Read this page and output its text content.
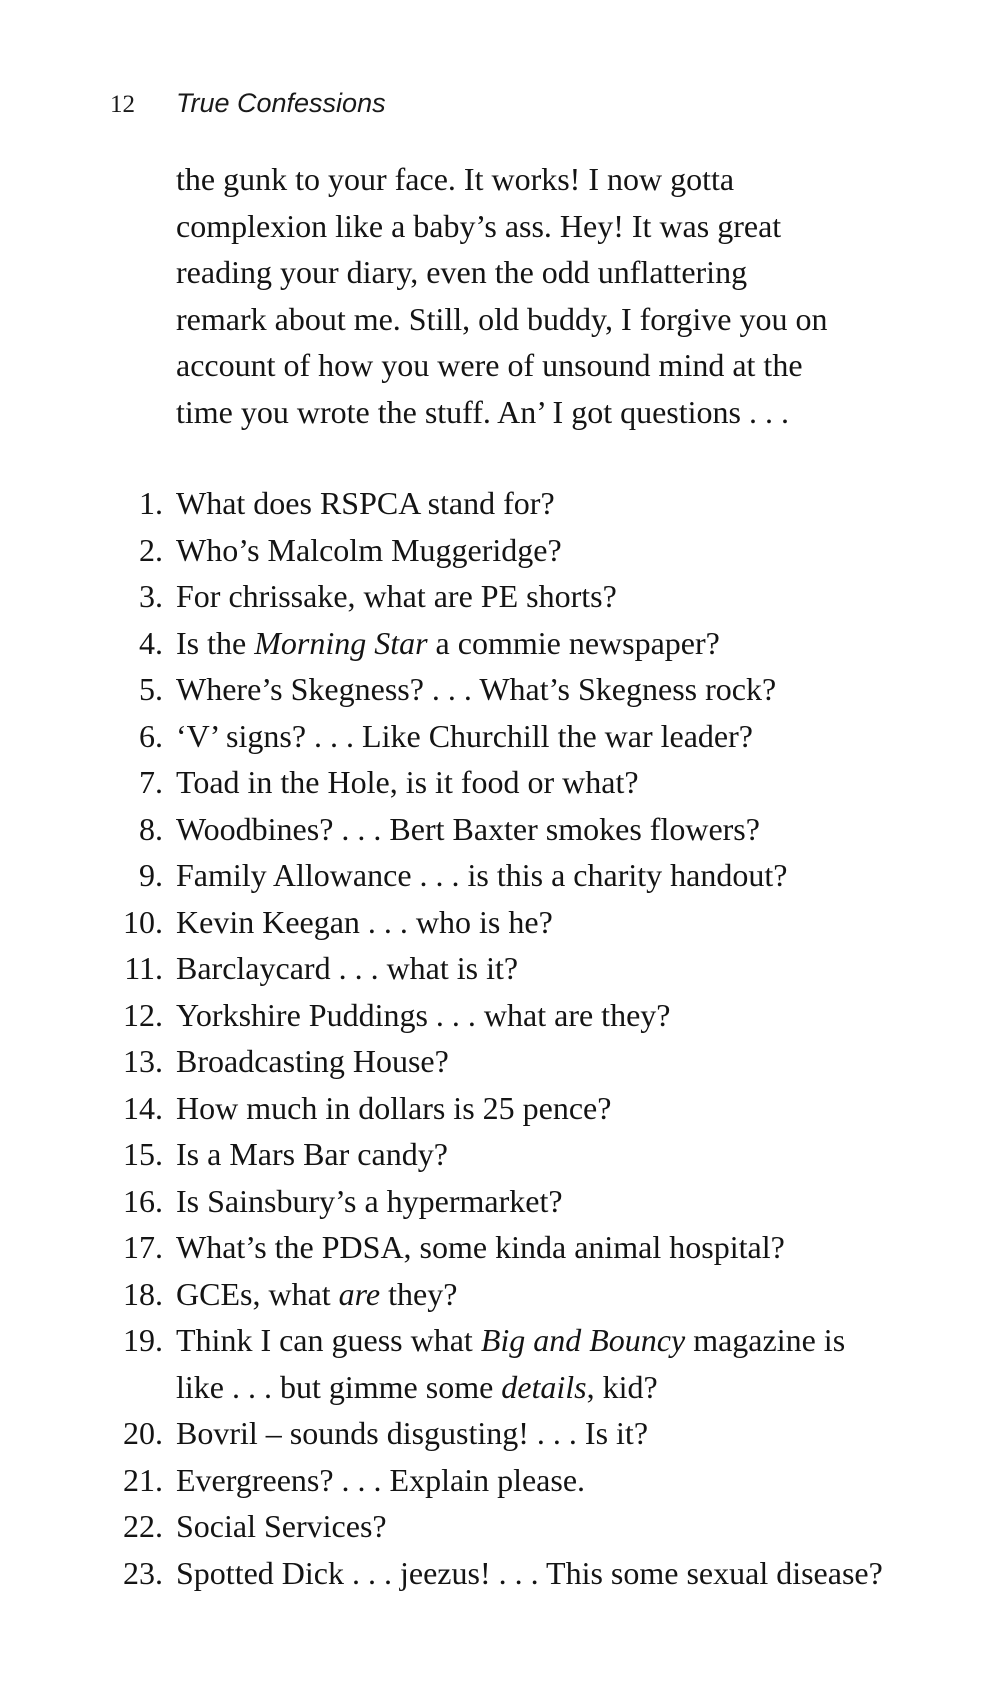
12 True Confessions

the gunk to your face. It works! I now gotta
complexion like a baby’s ass. Hey! It was great
reading your diary, even the odd unflattering
remark about me. Still, old buddy, I forgive you on
account of how you were of unsound mind at the
time you wrote the stuff. An’ I got questions . . .

1. What does RSPCA stand for?
2. Who’s Malcolm Muggeridge?
3. For chrissake, what are PE shorts?
4. Is the Morning Star a commie newspaper?
5. Where’s Skegness? . . . What’s Skegness rock?
6. ‘V’ signs? . . . Like Churchill the war leader?
7. Toad in the Hole, is it food or what?
8. Woodbines? . . . Bert Baxter smokes flowers?
9. Family Allowance . . . is this a charity handout?
10. Kevin Keegan . . . who is he?
11. Barclaycard . . . what is it?
12. Yorkshire Puddings . . . what are they?
13. Broadcasting House?
14. How much in dollars is 25 pence?
15. Is a Mars Bar candy?
16. Is Sainsbury’s a hypermarket?
17. What’s the PDSA, some kinda animal hospital?
18. GCEs, what are they?
19. Think I can guess what Big and Bouncy magazine is
like . . . but gimme some details, kid?
20. Bovril – sounds disgusting! . . . Is it?
21. Evergreens? . . . Explain please.
22. Social Services?
23. Spotted Dick . . . jeezus! . . . This some sexual disease?
